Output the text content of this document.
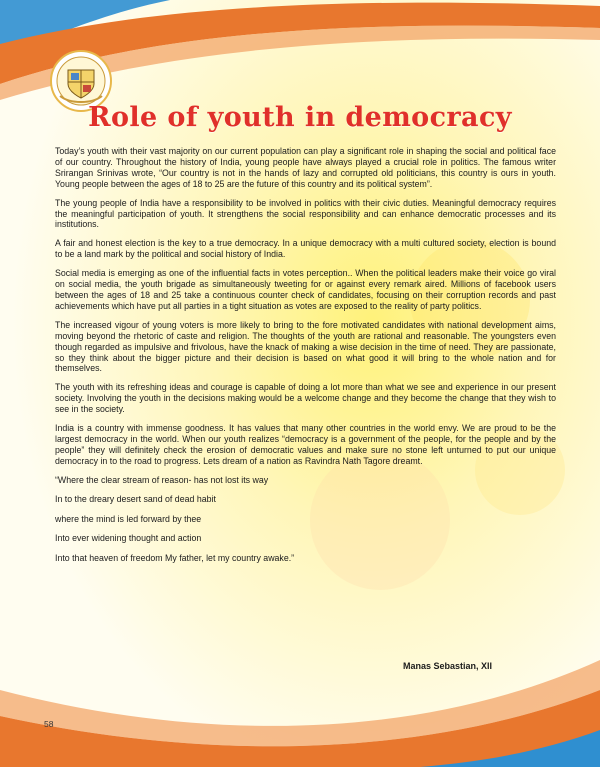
Role of youth in democracy

Today’s youth with their vast majority on our current population can play a significant role in shaping the social and political face of our country. Throughout the history of India, young people have always played a crucial role in politics. The famous writer Srirangan Srinivas wrote, “Our country is not in the hands of lazy and corrupted old politicians, this country is ours in youth. Young people between the ages of 18 to 25 are the future of this country and its political system”.

The young people of India have a responsibility to be involved in politics with their civic duties. Meaningful democracy requires the meaningful participation of youth. It strengthens the social responsibility and can enhance democratic processes and its institutions.

A fair and honest election is the key to a true democracy. In a unique democracy with a multi cultured society, election is bound to be a land mark by the political and social history of India.

Social media is emerging as one of the influential facts in votes perception.. When the political leaders make their voice go viral on social media, the youth brigade as simultaneously tweeting for or against every remark aired. Millions of facebook users between the ages of 18 and 25 take a continuous counter check of candidates, focusing on their corruption records and past achievements which have put all parties in a tight situation as votes are exposed to the reality of party politics.

The increased vigour of young voters is more likely to bring to the fore motivated candidates with national development aims, moving beyond the rhetoric of caste and religion. The thoughts of the youth are rational and reasonable. The youngsters even though regarded as impulsive and frivolous, have the knack of making a wise decision in the time of need. They are passionate, so they think about the bigger picture and their decision is based on what good it will bring to the whole nation and for themselves.

The youth with its refreshing ideas and courage is capable of doing a lot more than what we see and experience in our present society. Involving the youth in the decisions making would be a welcome change and they become the change that they wish to see in the society.

India is a country with immense goodness. It has values that many other countries in the world envy. We are proud to be the largest democracy in the world. When our youth realizes “democracy is a government of the people, for the people and by the people” they will definitely check the erosion of democratic values and make sure no stone left unturned to put our unique democracy in to the road to progress. Lets dream of a nation as Ravindra Nath Tagore dreamt.

“Where the clear stream of reason- has not lost its way

In to the dreary desert sand of dead habit

where the mind is led forward by thee

Into ever widening thought and action

Into that heaven of freedom My father, let my country awake.”

Manas Sebastian, XII
58
